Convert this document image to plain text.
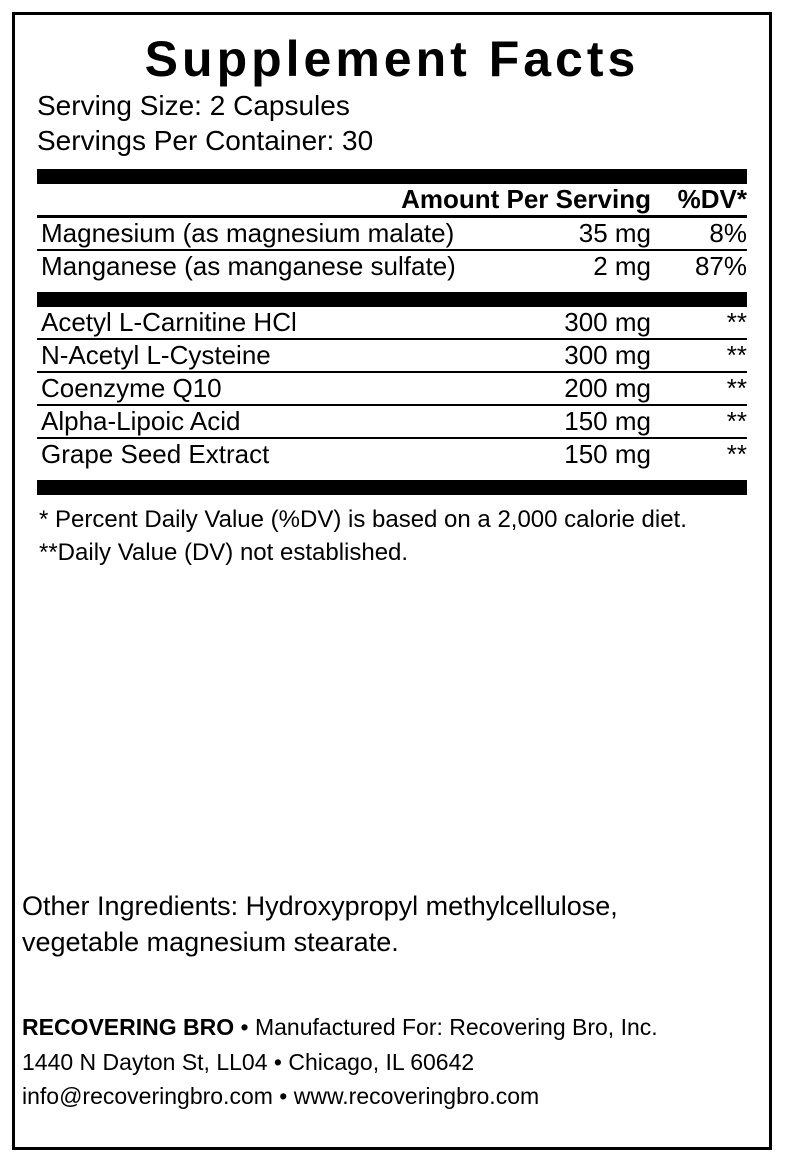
Supplement Facts
Serving Size: 2 Capsules
Servings Per Container: 30
	Amount Per Serving	%DV*
Magnesium (as magnesium malate)	35 mg	8%
Manganese (as manganese sulfate)	2 mg	87%
Acetyl L-Carnitine HCl	300 mg	**
N-Acetyl L-Cysteine	300 mg	**
Coenzyme Q10	200 mg	**
Alpha-Lipoic Acid	150 mg	**
Grape Seed Extract	150 mg	**
* Percent Daily Value (%DV) is based on a 2,000 calorie diet.
**Daily Value (DV) not established.
Other Ingredients: Hydroxypropyl methylcellulose,
vegetable magnesium stearate.
RECOVERING BRO • Manufactured For: Recovering Bro, Inc.
1440 N Dayton St, LL04 • Chicago, IL 60642
info@recoveringbro.com • www.recoveringbro.com
